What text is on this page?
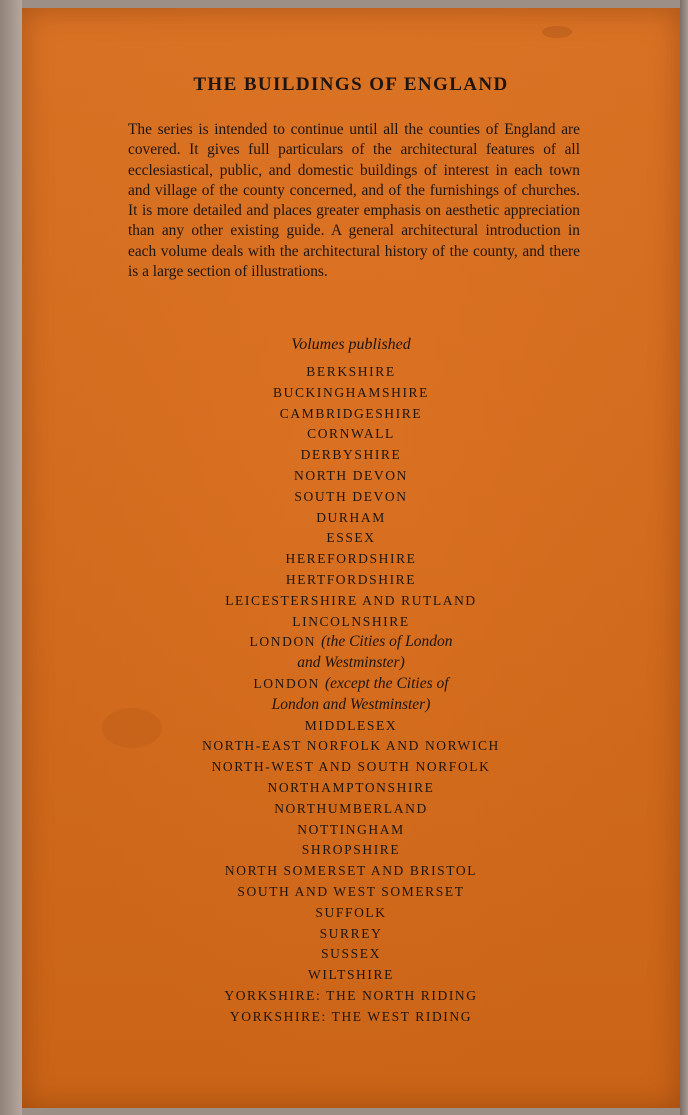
THE BUILDINGS OF ENGLAND

The series is intended to continue until all the counties of England are covered. It gives full particulars of the architectural features of all ecclesiastical, public, and domestic buildings of interest in each town and village of the county concerned, and of the furnishings of churches. It is more detailed and places greater emphasis on aesthetic appreciation than any other existing guide. A general architectural introduction in each volume deals with the architectural history of the county, and there is a large section of illustrations.

Volumes published

BERKSHIRE
BUCKINGHAMSHIRE
CAMBRIDGESHIRE
CORNWALL
DERBYSHIRE
NORTH DEVON
SOUTH DEVON
DURHAM
ESSEX
HEREFORDSHIRE
HERTFORDSHIRE
LEICESTERSHIRE AND RUTLAND
LINCOLNSHIRE
LONDON (the Cities of London
and Westminster)
LONDON (except the Cities of
London and Westminster)
MIDDLESEX
NORTH-EAST NORFOLK AND NORWICH
NORTH-WEST AND SOUTH NORFOLK
NORTHAMPTONSHIRE
NORTHUMBERLAND
NOTTINGHAM
SHROPSHIRE
NORTH SOMERSET AND BRISTOL
SOUTH AND WEST SOMERSET
SUFFOLK
SURREY
SUSSEX
WILTSHIRE
YORKSHIRE: THE NORTH RIDING
YORKSHIRE: THE WEST RIDING
